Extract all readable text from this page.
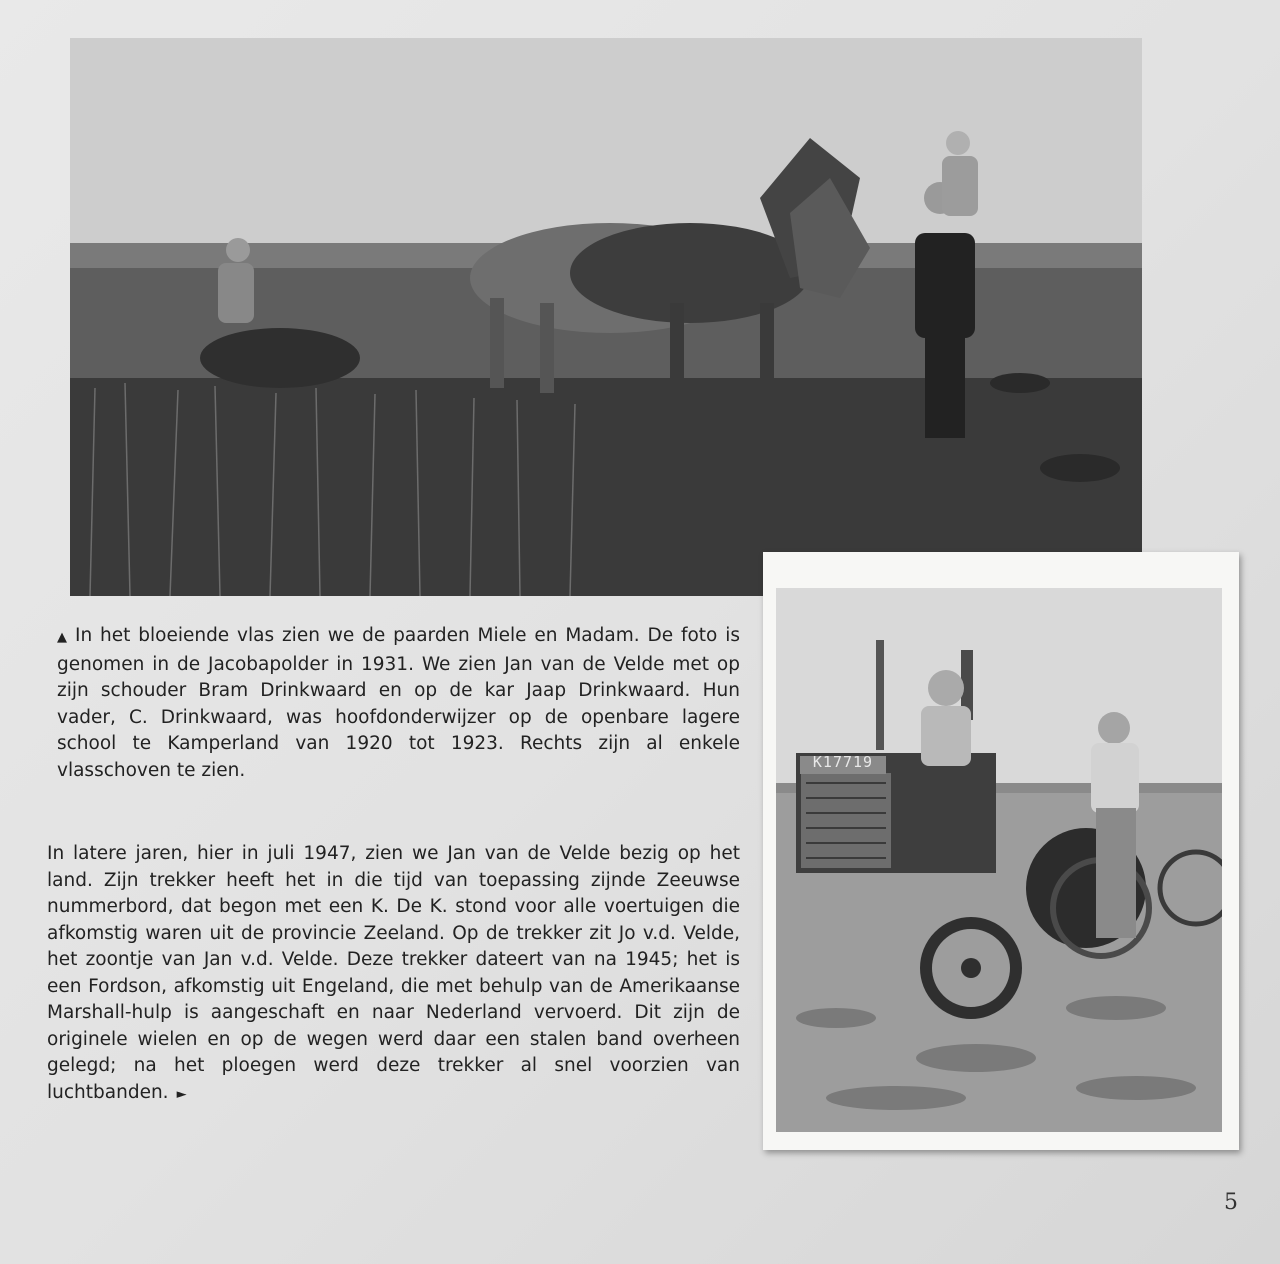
K17719

▲ In het bloeiende vlas zien we de paarden Miele en Madam. De foto is genomen in de Jacobapolder in 1931. We zien Jan van de Velde met op zijn schouder Bram Drinkwaard en op de kar Jaap Drinkwaard. Hun vader, C. Drinkwaard, was hoofdonderwijzer op de openbare lagere school te Kamperland van 1920 tot 1923. Rechts zijn al enkele vlasschoven te zien.

In latere jaren, hier in juli 1947, zien we Jan van de Velde bezig op het land. Zijn trekker heeft het in die tijd van toepassing zijnde Zeeuwse nummerbord, dat begon met een K. De K. stond voor alle voertuigen die afkomstig waren uit de provincie Zeeland. Op de trekker zit Jo v.d. Velde, het zoontje van Jan v.d. Velde. Deze trekker dateert van na 1945; het is een Fordson, afkomstig uit Engeland, die met behulp van de Amerikaanse Marshall-hulp is aangeschaft en naar Nederland vervoerd. Dit zijn de originele wielen en op de wegen werd daar een stalen band overheen gelegd; na het ploegen werd deze trekker al snel voorzien van luchtbanden. ►

5
